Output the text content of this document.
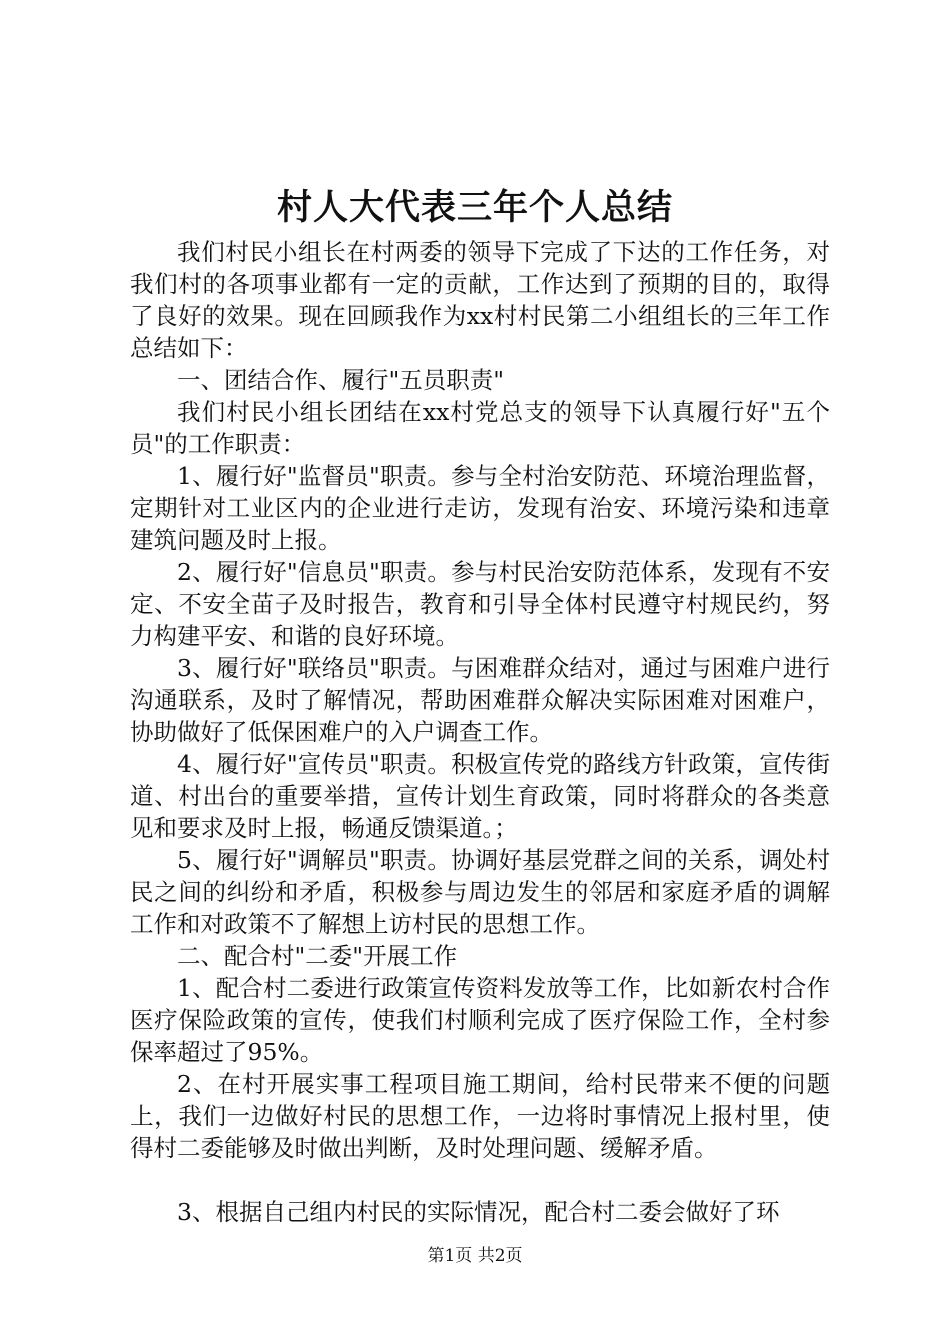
村人大代表三年个人总结

我们村民小组长在村两委的领导下完成了下达的工作任务，对我们村的各项事业都有一定的贡献，工作达到了预期的目的，取得了良好的效果。现在回顾我作为xx村村民第二小组组长的三年工作总结如下：

一、团结合作、履行"五员职责"

我们村民小组长团结在xx村党总支的领导下认真履行好"五个员"的工作职责：

1、履行好"监督员"职责。参与全村治安防范、环境治理监督，定期针对工业区内的企业进行走访，发现有治安、环境污染和违章建筑问题及时上报。

2、履行好"信息员"职责。参与村民治安防范体系，发现有不安定、不安全苗子及时报告，教育和引导全体村民遵守村规民约，努力构建平安、和谐的良好环境。

3、履行好"联络员"职责。与困难群众结对，通过与困难户进行沟通联系，及时了解情况，帮助困难群众解决实际困难对困难户，协助做好了低保困难户的入户调查工作。

4、履行好"宣传员"职责。积极宣传党的路线方针政策，宣传街道、村出台的重要举措，宣传计划生育政策，同时将群众的各类意见和要求及时上报，畅通反馈渠道。；

5、履行好"调解员"职责。协调好基层党群之间的关系，调处村民之间的纠纷和矛盾，积极参与周边发生的邻居和家庭矛盾的调解工作和对政策不了解想上访村民的思想工作。

二、配合村"二委"开展工作

1、配合村二委进行政策宣传资料发放等工作，比如新农村合作医疗保险政策的宣传，使我们村顺利完成了医疗保险工作，全村参保率超过了95%。

2、在村开展实事工程项目施工期间，给村民带来不便的问题上，我们一边做好村民的思想工作，一边将时事情况上报村里，使得村二委能够及时做出判断，及时处理问题、缓解矛盾。

3、根据自己组内村民的实际情况，配合村二委会做好了环

第1页 共2页
